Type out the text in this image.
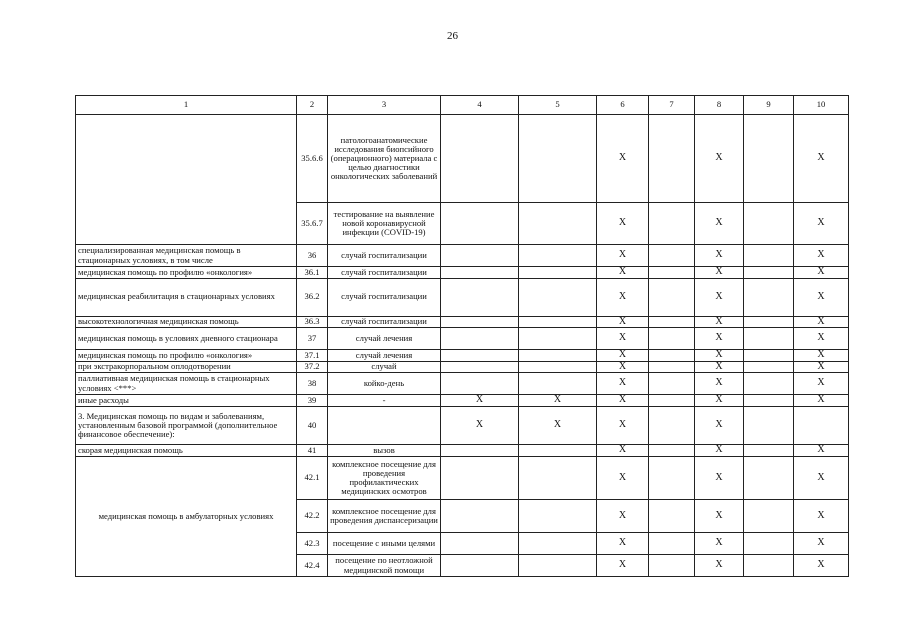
26
1	2	3	4	5	6	7	8	9	10
	35.6.6	патологоанатомические исследования биопсийного (операционного) материала с целью диагностики онкологических заболеваний			X		X		X
	35.6.7	тестирование на выявление новой коронавирусной инфекции (COVID-19)			X		X		X
специализированная медицинская помощь в стационарных условиях, в том числе	36	случай госпитализации			X		X		X
медицинская помощь по профилю «онкология»	36.1	случай госпитализации			X		X		X
медицинская реабилитация в стационарных условиях	36.2	случай госпитализации			X		X		X
высокотехнологичная медицинская помощь	36.3	случай госпитализации			X		X		X
медицинская помощь в условиях дневного стационара	37	случай лечения			X		X		X
медицинская помощь по профилю «онкология»	37.1	случай лечения			X		X		X
при экстракорпоральном оплодотворении	37.2	случай			X		X		X
паллиативная медицинская помощь в стационарных условиях <***>	38	койко-день			X		X		X
иные расходы	39	-	X	X	X		X		X
3. Медицинская помощь по видам и заболеваниям, установленным базовой программой (дополнительное финансовое обеспечение):	40		X	X	X		X		
скорая медицинская помощь	41	вызов			X		X		X
медицинская помощь в амбулаторных условиях	42.1	комплексное посещение для проведения профилактических медицинских осмотров			X		X		X
	42.2	комплексное посещение для проведения диспансеризации			X		X		X
	42.3	посещение с иными целями			X		X		X
	42.4	посещение по неотложной медицинской помощи			X		X		X
